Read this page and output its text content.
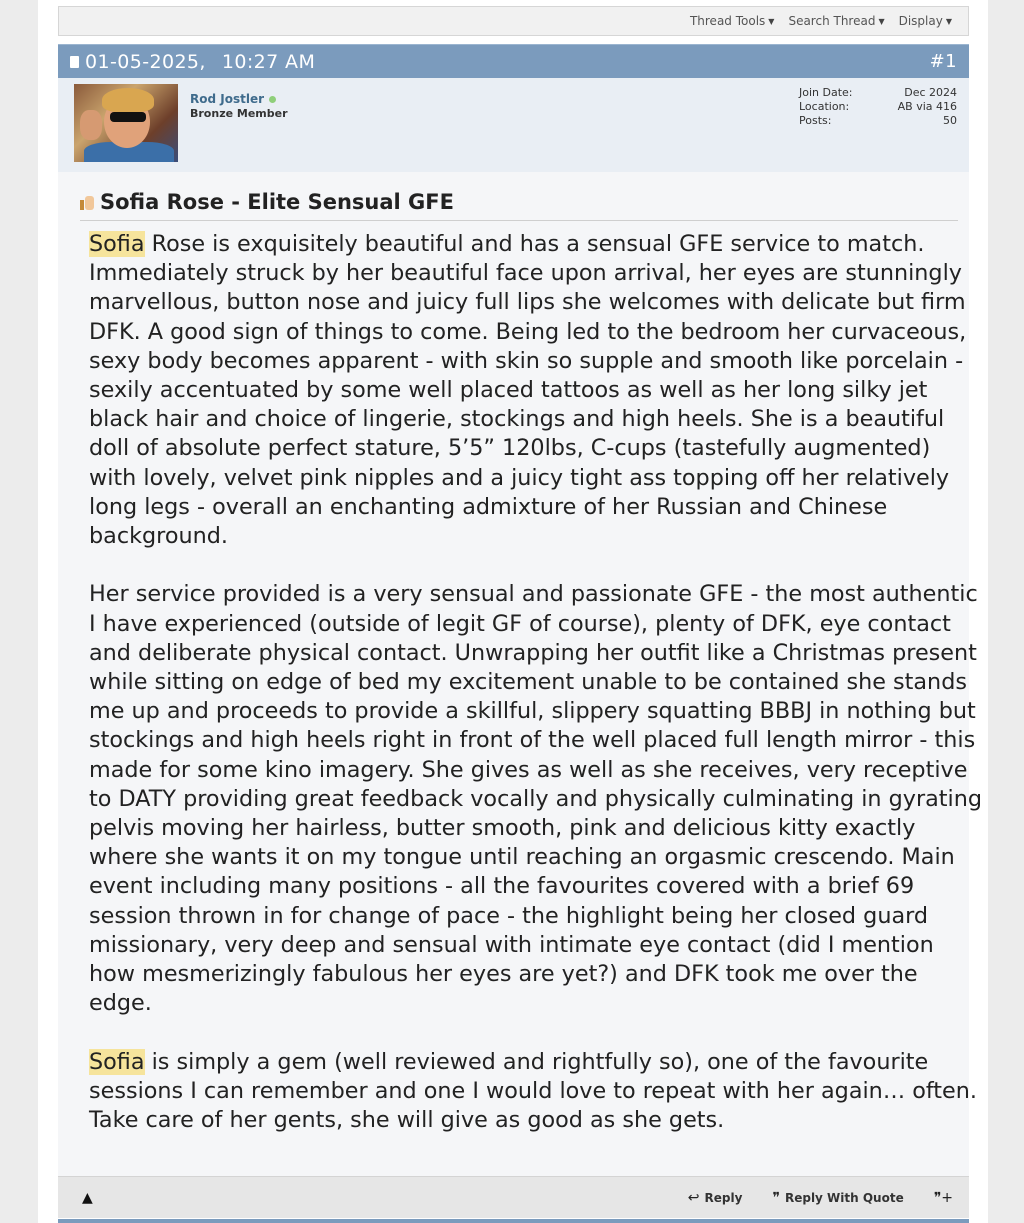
Thread Tools ▼ Search Thread ▼ Display ▼
01-05-2025, 10:27 AM	#1
Rod Jostler
Bronze Member
Join Date:	Dec 2024
Location:	AB via 416
Posts:	50
Sofia Rose - Elite Sensual GFE

Sofia Rose is exquisitely beautiful and has a sensual GFE service to match. Immediately struck by her beautiful face upon arrival, her eyes are stunningly marvellous, button nose and juicy full lips she welcomes with delicate but firm DFK. A good sign of things to come. Being led to the bedroom her curvaceous, sexy body becomes apparent - with skin so supple and smooth like porcelain - sexily accentuated by some well placed tattoos as well as her long silky jet black hair and choice of lingerie, stockings and high heels. She is a beautiful doll of absolute perfect stature, 5’5” 120lbs, C-cups (tastefully augmented) with lovely, velvet pink nipples and a juicy tight ass topping off her relatively long legs - overall an enchanting admixture of her Russian and Chinese background.

Her service provided is a very sensual and passionate GFE - the most authentic I have experienced (outside of legit GF of course), plenty of DFK, eye contact and deliberate physical contact. Unwrapping her outfit like a Christmas present while sitting on edge of bed my excitement unable to be contained she stands me up and proceeds to provide a skillful, slippery squatting BBBJ in nothing but stockings and high heels right in front of the well placed full length mirror - this made for some kino imagery. She gives as well as she receives, very receptive to DATY providing great feedback vocally and physically culminating in gyrating pelvis moving her hairless, butter smooth, pink and delicious kitty exactly where she wants it on my tongue until reaching an orgasmic crescendo. Main event including many positions - all the favourites covered with a brief 69 session thrown in for change of pace - the highlight being her closed guard missionary, very deep and sensual with intimate eye contact (did I mention how mesmerizingly fabulous her eyes are yet?) and DFK took me over the edge.

Sofia is simply a gem (well reviewed and rightfully so), one of the favourite sessions I can remember and one I would love to repeat with her again… often. Take care of her gents, she will give as good as she gets.

▲	↩ Reply ❞ Reply With Quote ❞+
